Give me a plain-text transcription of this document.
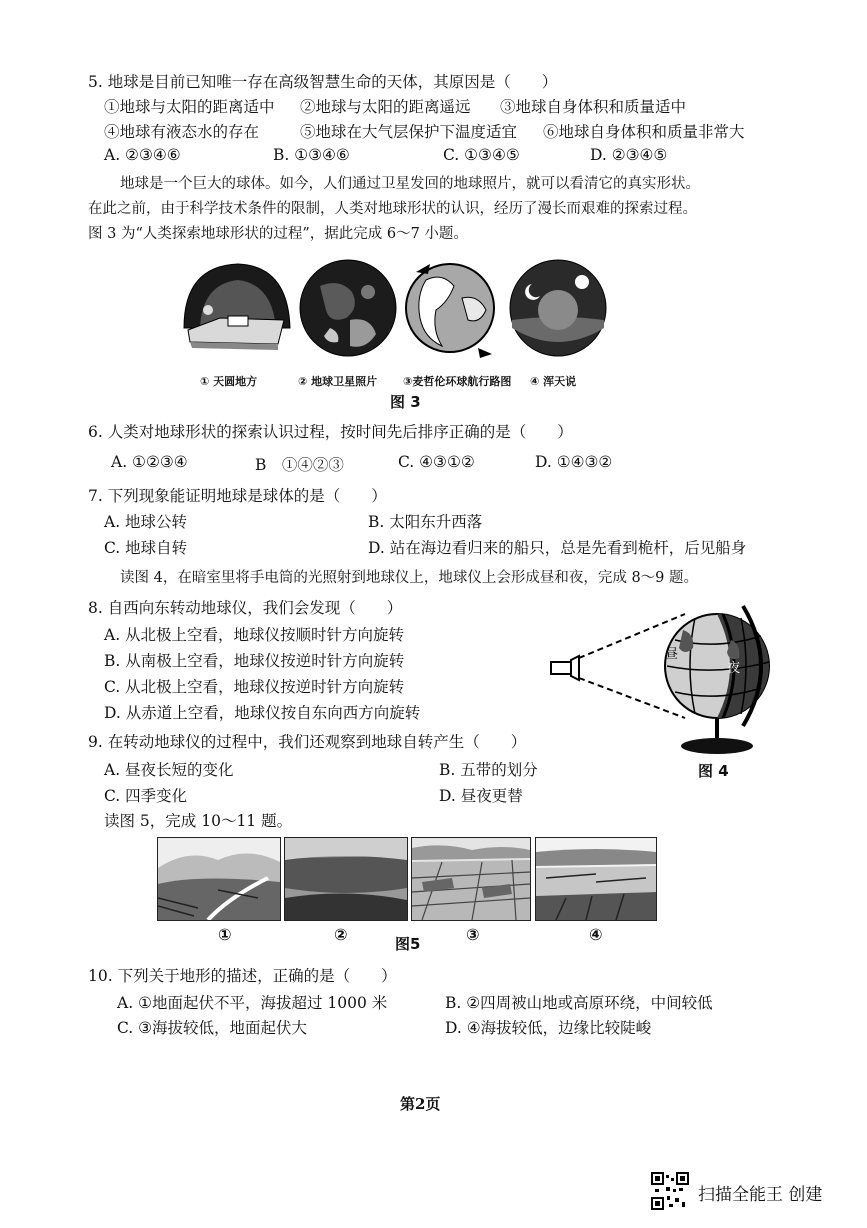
5. 地球是目前已知唯一存在高级智慧生命的天体，其原因是（　　）
①地球与太阳的距离适中 ②地球与太阳的距离遥远 ③地球自身体积和质量适中
④地球有液态水的存在	⑤地球在大气层保护下温度适宜 ⑥地球自身体积和质量非常大
A. ②③④⑥	B. ①③④⑥	C. ①③④⑤	D. ②③④⑤
地球是一个巨大的球体。如今，人们通过卫星发回的地球照片，就可以看清它的真实形状。
在此之前，由于科学技术条件的限制，人类对地球形状的认识，经历了漫长而艰难的探索过程。
图 3 为“人类探索地球形状的过程”，据此完成 6～7 小题。
① 天圆地方	② 地球卫星照片 ③麦哲伦环球航行路图 ④ 浑天说
图 3
6. 人类对地球形状的探索认识过程，按时间先后排序正确的是（　　）
A. ①②③④	B　①④②③	C. ④③①②	D. ①④③②
7. 下列现象能证明地球是球体的是（　　）
A. 地球公转	B. 太阳东升西落
C. 地球自转	D. 站在海边看归来的船只，总是先看到桅杆，后见船身
读图 4，在暗室里将手电筒的光照射到地球仪上，地球仪上会形成昼和夜，完成 8～9 题。
8. 自西向东转动地球仪，我们会发现（　　）
A. 从北极上空看，地球仪按顺时针方向旋转
B. 从南极上空看，地球仪按逆时针方向旋转
C. 从北极上空看，地球仪按逆时针方向旋转
D. 从赤道上空看，地球仪按自东向西方向旋转
昼
夜
图 4
9. 在转动地球仪的过程中，我们还观察到地球自转产生（　　）
A. 昼夜长短的变化	B. 五带的划分
C. 四季变化	D. 昼夜更替
读图 5，完成 10～11 题。
①	②	③	④
图5
10. 下列关于地形的描述，正确的是（　　）
A. ①地面起伏不平，海拔超过 1000 米	B. ②四周被山地或高原环绕，中间较低
C. ③海拔较低，地面起伏大	D. ④海拔较低，边缘比较陡峻
第2页
扫描全能王 创建
